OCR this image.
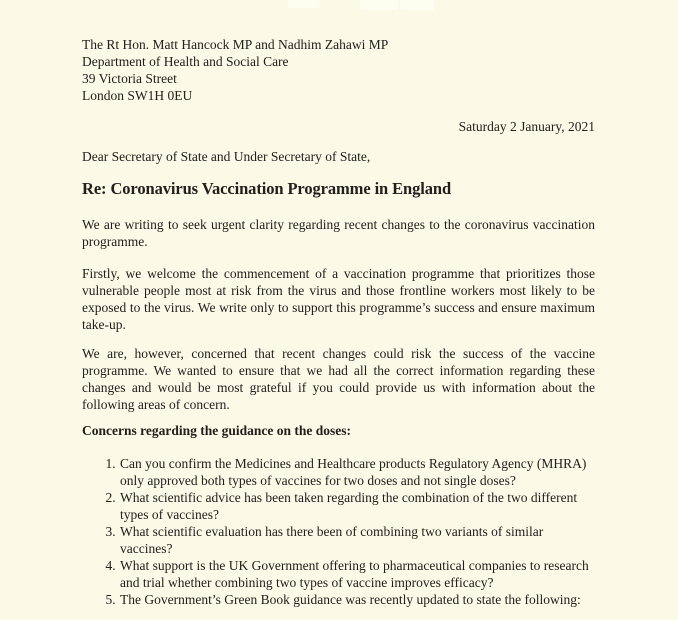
The Rt Hon. Matt Hancock MP and Nadhim Zahawi MP
Department of Health and Social Care
39 Victoria Street
London SW1H 0EU
Saturday 2 January, 2021
Dear Secretary of State and Under Secretary of State,
Re: Coronavirus Vaccination Programme in England

We are writing to seek urgent clarity regarding recent changes to the coronavirus vaccination programme.

Firstly, we welcome the commencement of a vaccination programme that prioritizes those vulnerable people most at risk from the virus and those frontline workers most likely to be exposed to the virus. We write only to support this programme’s success and ensure maximum take-up.

We are, however, concerned that recent changes could risk the success of the vaccine programme. We wanted to ensure that we had all the correct information regarding these changes and would be most grateful if you could provide us with information about the following areas of concern.

Concerns regarding the guidance on the doses:
1. Can you confirm the Medicines and Healthcare products Regulatory Agency (MHRA) only approved both types of vaccines for two doses and not single doses?
2. What scientific advice has been taken regarding the combination of the two different types of vaccines?
3. What scientific evaluation has there been of combining two variants of similar vaccines?
4. What support is the UK Government offering to pharmaceutical companies to research and trial whether combining two types of vaccine improves efficacy?
5. The Government’s Green Book guidance was recently updated to state the following:
